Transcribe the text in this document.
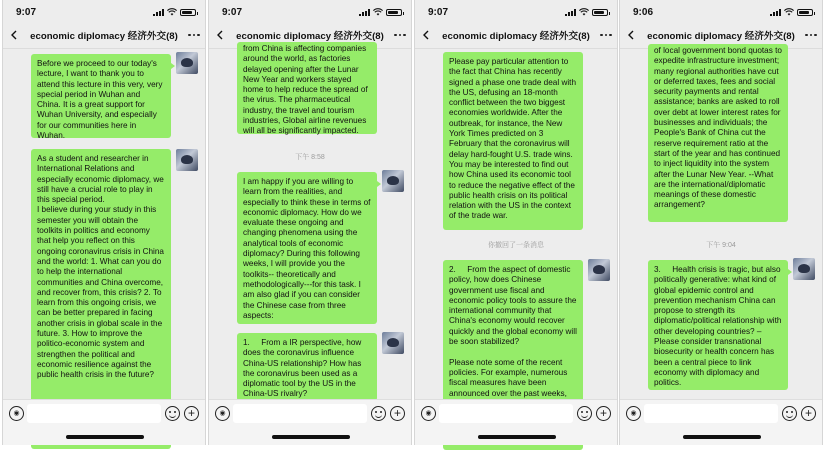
9:07
economic diplomacy 经济外交(8)
Before we proceed to our today's lecture, I want to thank you to attend this lecture in this very, very special period in Wuhan and China. It is a great support for Wuhan University, and especially for our communities here in Wuhan.
As a student and researcher in International Relations and especially economic diplomacy, we still have a crucial role to play in this special period.
I believe during your study in this semester you will obtain the toolkits in politics and economy that help you reflect on this ongoing coronavirus crisis in China and the world: 1. What can you do to help the international communities and China overcome, and recover from, this crisis? 2. To learn from this ongoing crisis, we can be better prepared in facing another crisis in global scale in the future. 3. How to improve the politico-economic system and strengthen the political and economic resilience against the public health crisis in the future?
◉	+
9:07
economic diplomacy 经济外交(8)
from China is affecting companies around the world, as factories delayed opening after the Lunar New Year and workers stayed home to help reduce the spread of the virus. The pharmaceutical industry, the travel and tourism industries, Global airline revenues will all be significantly impacted.
下午 8:58
I am happy if you are willing to learn from the realities, and especially to think these in terms of economic diplomacy. How do we evaluate these ongoing and changing phenomena using the analytical tools of economic diplomacy? During this following weeks, I will provide you the toolkits-- theoretically and methodologically---for this task. I am also glad if you can consider the Chinese case from three aspects:
1.     From a IR perspective, how does the coronavirus influence China-US relationship? How has the coronavirus been used as a diplomatic tool by the US in the China-US rivalry?
◉	+
9:07
economic diplomacy 经济外交(8)
Please pay particular attention to the fact that China has recently signed a phase one trade deal with the US, defusing an 18-month conflict between the two biggest economies worldwide. After the outbreak, for instance, the New York Times predicted on 3 February that the coronavirus will delay hard-fought U.S. trade wins. You may be interested to find out how China used its economic tool to reduce the negative effect of the public health crisis on its political relation with the US in the context of the trade war.
你撤回了一条消息
2.     From the aspect of domestic policy, how does Chinese government use fiscal and economic policy tools to assure the international community that China's economy would recover quickly and the global economy will be soon stabilized?

Please note some of the recent policies. For example, numerous fiscal measures have been announced over the past weeks,
◉	+
9:06
economic diplomacy 经济外交(8)
of local government bond quotas to expedite infrastructure investment; many regional authorities have cut or deferred taxes, fees and social security payments and rental assistance; banks are asked to roll over debt at lower interest rates for businesses and individuals; the People's Bank of China cut the reserve requirement ratio at the start of the year and has continued to inject liquidity into the system after the Lunar New Year. --What are the international/diplomatic meanings of these domestic arrangement?
下午 9:04
3.     Health crisis is tragic, but also politically generative: what kind of global epidemic control and prevention mechanism China can propose to strength its diplomatic/political relationship with other developing countries? – Please consider transnational biosecurity or health concern has been a central piece to link economy with diplomacy and politics.
◉	+
